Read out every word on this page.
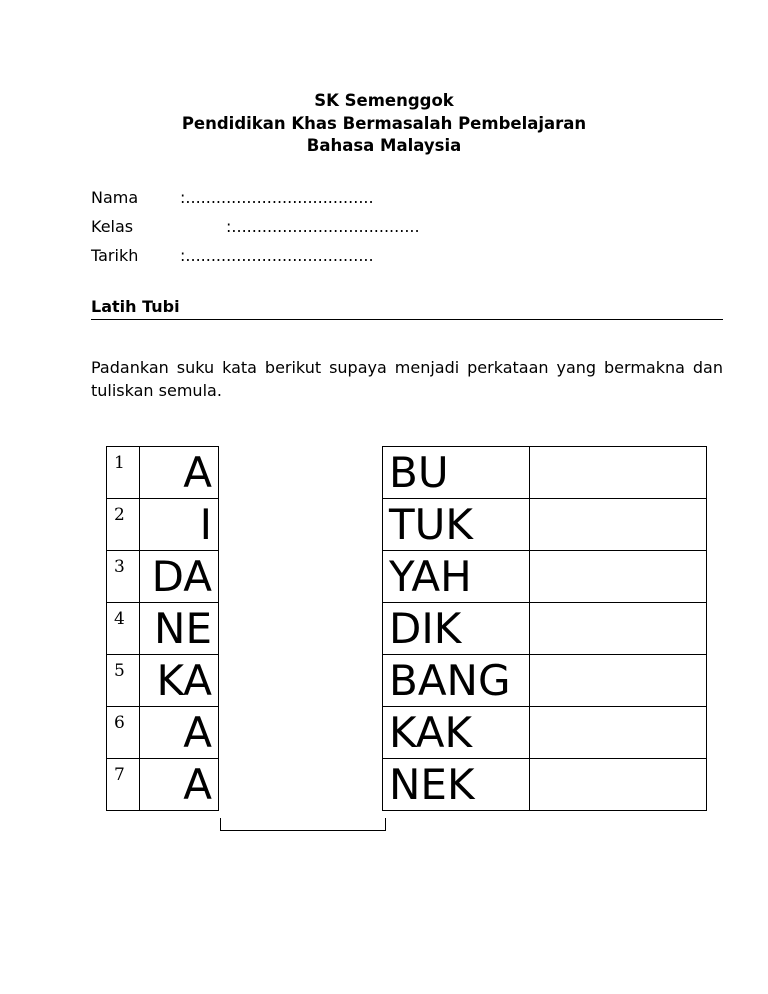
SK Semenggok
Pendidikan Khas Bermasalah Pembelajaran
Bahasa Malaysia
Nama	:.....................................
Kelas	:.....................................
Tarikh	:.....................................
Latih Tubi
Padankan suku kata berikut supaya menjadi perkataan yang bermakna dan tuliskan semula.
1	A		BU	
2	I		TUK	
3	DA		YAH	
4	NE		DIK	
5	KA		BANG	
6	A		KAK	
7	A		NEK	
